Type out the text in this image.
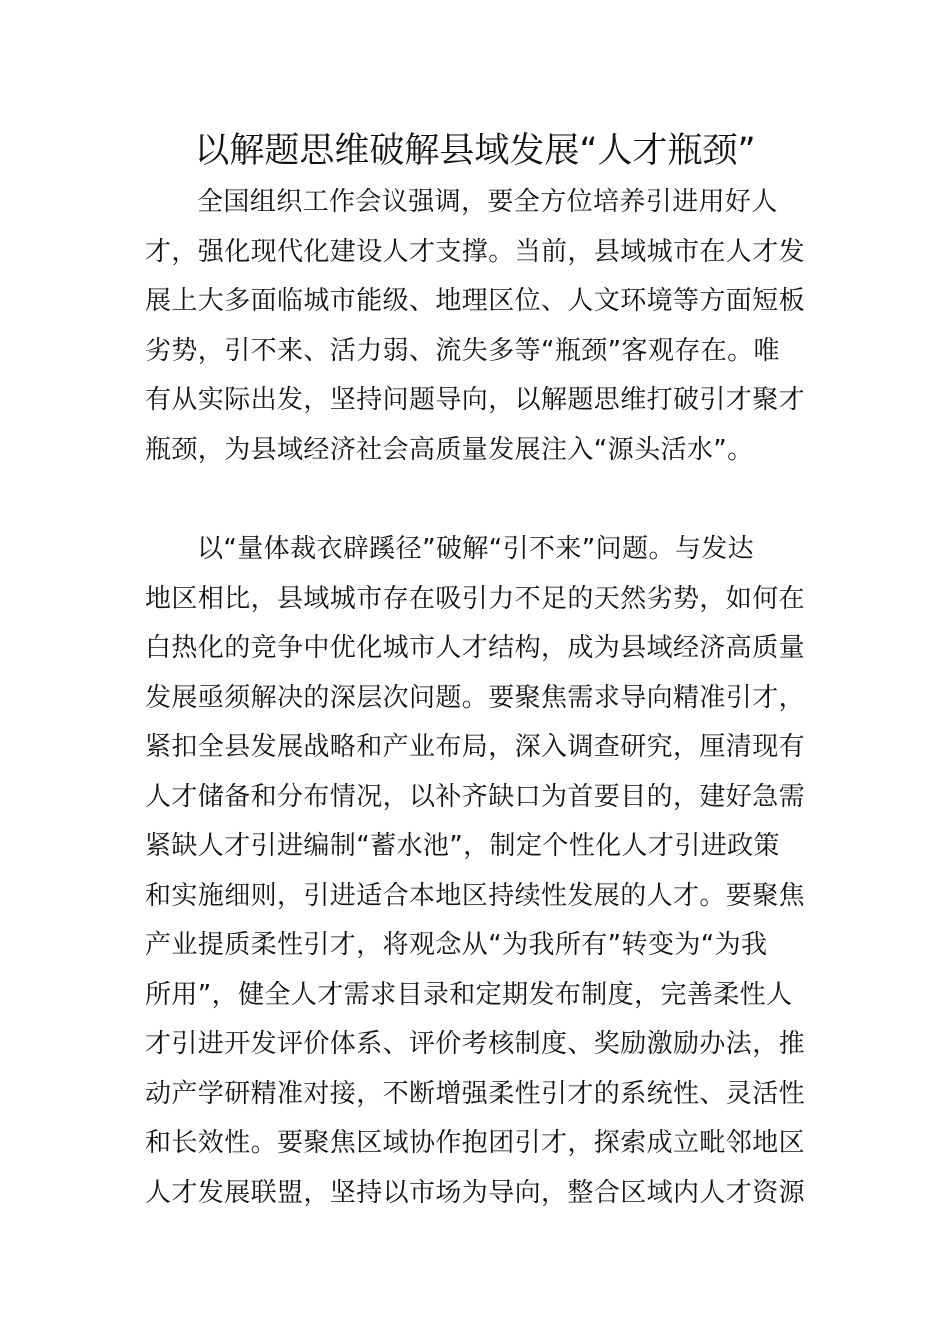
以解题思维破解县域发展“人才瓶颈”
全国组织工作会议强调，要全方位培养引进用好人
才，强化现代化建设人才支撑。当前，县域城市在人才发
展上大多面临城市能级、地理区位、人文环境等方面短板
劣势，引不来、活力弱、流失多等“瓶颈”客观存在。唯
有从实际出发，坚持问题导向，以解题思维打破引才聚才
瓶颈，为县域经济社会高质量发展注入“源头活水”。
以“量体裁衣辟蹊径”破解“引不来”问题。与发达
地区相比，县域城市存在吸引力不足的天然劣势，如何在
白热化的竞争中优化城市人才结构，成为县域经济高质量
发展亟须解决的深层次问题。要聚焦需求导向精准引才，
紧扣全县发展战略和产业布局，深入调查研究，厘清现有
人才储备和分布情况，以补齐缺口为首要目的，建好急需
紧缺人才引进编制“蓄水池”，制定个性化人才引进政策
和实施细则，引进适合本地区持续性发展的人才。要聚焦
产业提质柔性引才，将观念从“为我所有”转变为“为我
所用”，健全人才需求目录和定期发布制度，完善柔性人
才引进开发评价体系、评价考核制度、奖励激励办法，推
动产学研精准对接，不断增强柔性引才的系统性、灵活性
和长效性。要聚焦区域协作抱团引才，探索成立毗邻地区
人才发展联盟，坚持以市场为导向，整合区域内人才资源
